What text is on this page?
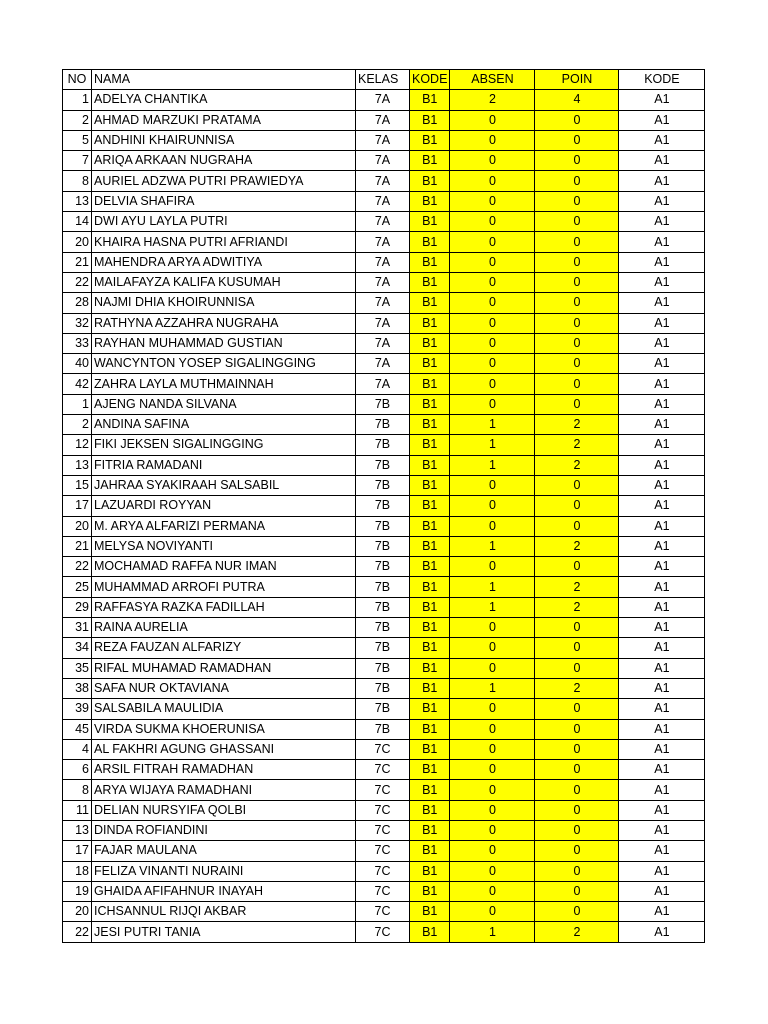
NO	NAMA	KELAS	KODE	ABSEN	POIN	KODE
1	ADELYA CHANTIKA	7A	B1	2	4	A1
2	AHMAD MARZUKI PRATAMA	7A	B1	0	0	A1
5	ANDHINI KHAIRUNNISA	7A	B1	0	0	A1
7	ARIQA ARKAAN NUGRAHA	7A	B1	0	0	A1
8	AURIEL ADZWA PUTRI PRAWIEDYA	7A	B1	0	0	A1
13	DELVIA SHAFIRA	7A	B1	0	0	A1
14	DWI AYU LAYLA PUTRI	7A	B1	0	0	A1
20	KHAIRA HASNA PUTRI AFRIANDI	7A	B1	0	0	A1
21	MAHENDRA ARYA ADWITIYA	7A	B1	0	0	A1
22	MAILAFAYZA KALIFA KUSUMAH	7A	B1	0	0	A1
28	NAJMI DHIA KHOIRUNNISA	7A	B1	0	0	A1
32	RATHYNA AZZAHRA NUGRAHA	7A	B1	0	0	A1
33	RAYHAN MUHAMMAD GUSTIAN	7A	B1	0	0	A1
40	WANCYNTON YOSEP SIGALINGGING	7A	B1	0	0	A1
42	ZAHRA LAYLA MUTHMAINNAH	7A	B1	0	0	A1
1	AJENG NANDA SILVANA	7B	B1	0	0	A1
2	ANDINA SAFINA	7B	B1	1	2	A1
12	FIKI JEKSEN SIGALINGGING	7B	B1	1	2	A1
13	FITRIA RAMADANI	7B	B1	1	2	A1
15	JAHRAA SYAKIRAAH SALSABIL	7B	B1	0	0	A1
17	LAZUARDI ROYYAN	7B	B1	0	0	A1
20	M. ARYA ALFARIZI PERMANA	7B	B1	0	0	A1
21	MELYSA NOVIYANTI	7B	B1	1	2	A1
22	MOCHAMAD RAFFA NUR IMAN	7B	B1	0	0	A1
25	MUHAMMAD ARROFI PUTRA	7B	B1	1	2	A1
29	RAFFASYA RAZKA FADILLAH	7B	B1	1	2	A1
31	RAINA AURELIA	7B	B1	0	0	A1
34	REZA FAUZAN ALFARIZY	7B	B1	0	0	A1
35	RIFAL MUHAMAD RAMADHAN	7B	B1	0	0	A1
38	SAFA NUR OKTAVIANA	7B	B1	1	2	A1
39	SALSABILA MAULIDIA	7B	B1	0	0	A1
45	VIRDA SUKMA KHOERUNISA	7B	B1	0	0	A1
4	AL FAKHRI AGUNG GHASSANI	7C	B1	0	0	A1
6	ARSIL FITRAH RAMADHAN	7C	B1	0	0	A1
8	ARYA WIJAYA RAMADHANI	7C	B1	0	0	A1
11	DELIAN NURSYIFA QOLBI	7C	B1	0	0	A1
13	DINDA ROFIANDINI	7C	B1	0	0	A1
17	FAJAR MAULANA	7C	B1	0	0	A1
18	FELIZA VINANTI NURAINI	7C	B1	0	0	A1
19	GHAIDA AFIFAHNUR INAYAH	7C	B1	0	0	A1
20	ICHSANNUL RIJQI AKBAR	7C	B1	0	0	A1
22	JESI PUTRI TANIA	7C	B1	1	2	A1
